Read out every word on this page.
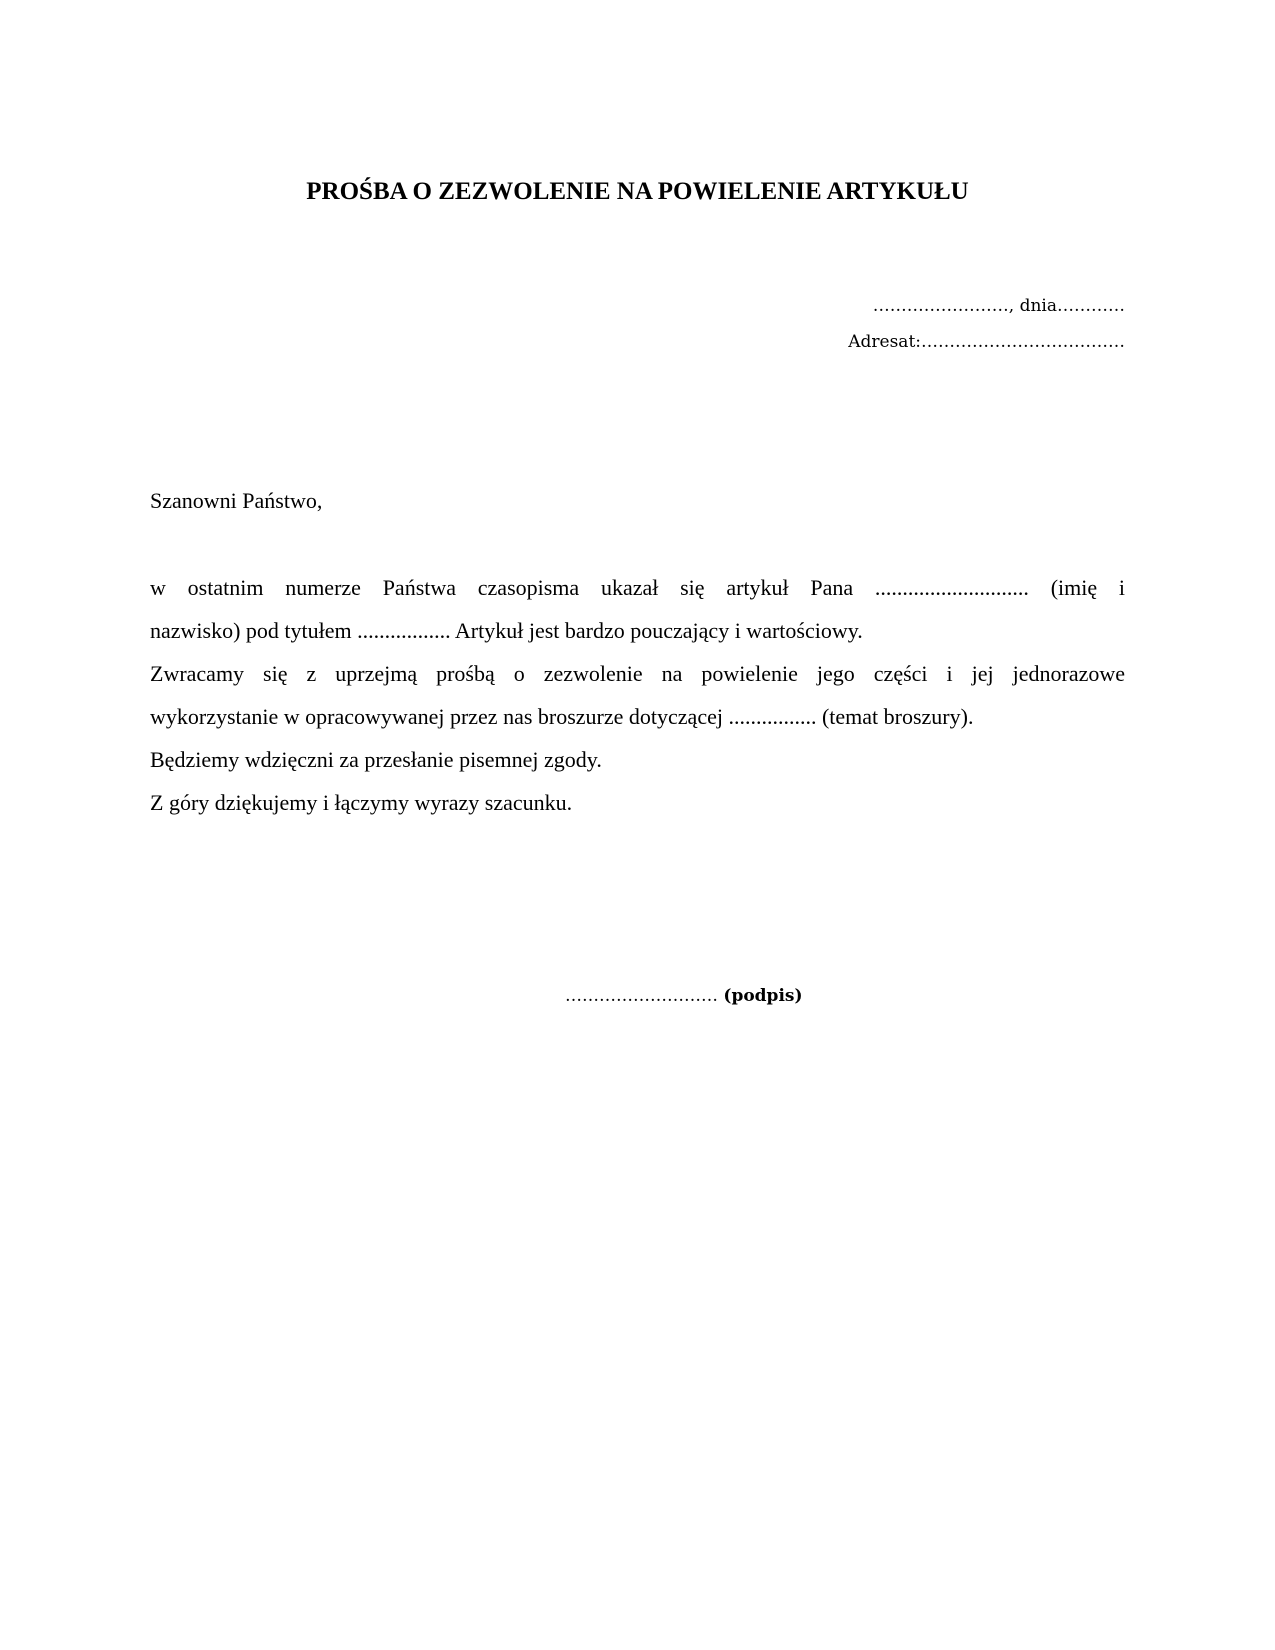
PROŚBA O ZEZWOLENIE NA POWIELENIE ARTYKUŁU
……………………, dnia…………
Adresat:………………………………
Szanowni Państwo,

w ostatnim numerze Państwa czasopisma ukazał się artykuł Pana ............................ (imię i

nazwisko) pod tytułem ................. Artykuł jest bardzo pouczający i wartościowy.

Zwracamy się z uprzejmą prośbą o zezwolenie na powielenie jego części i jej jednorazowe

wykorzystanie w opracowywanej przez nas broszurze dotyczącej ................ (temat broszury).

Będziemy wdzięczni za przesłanie pisemnej zgody.

Z góry dziękujemy i łączymy wyrazy szacunku.

……………………… (podpis)
